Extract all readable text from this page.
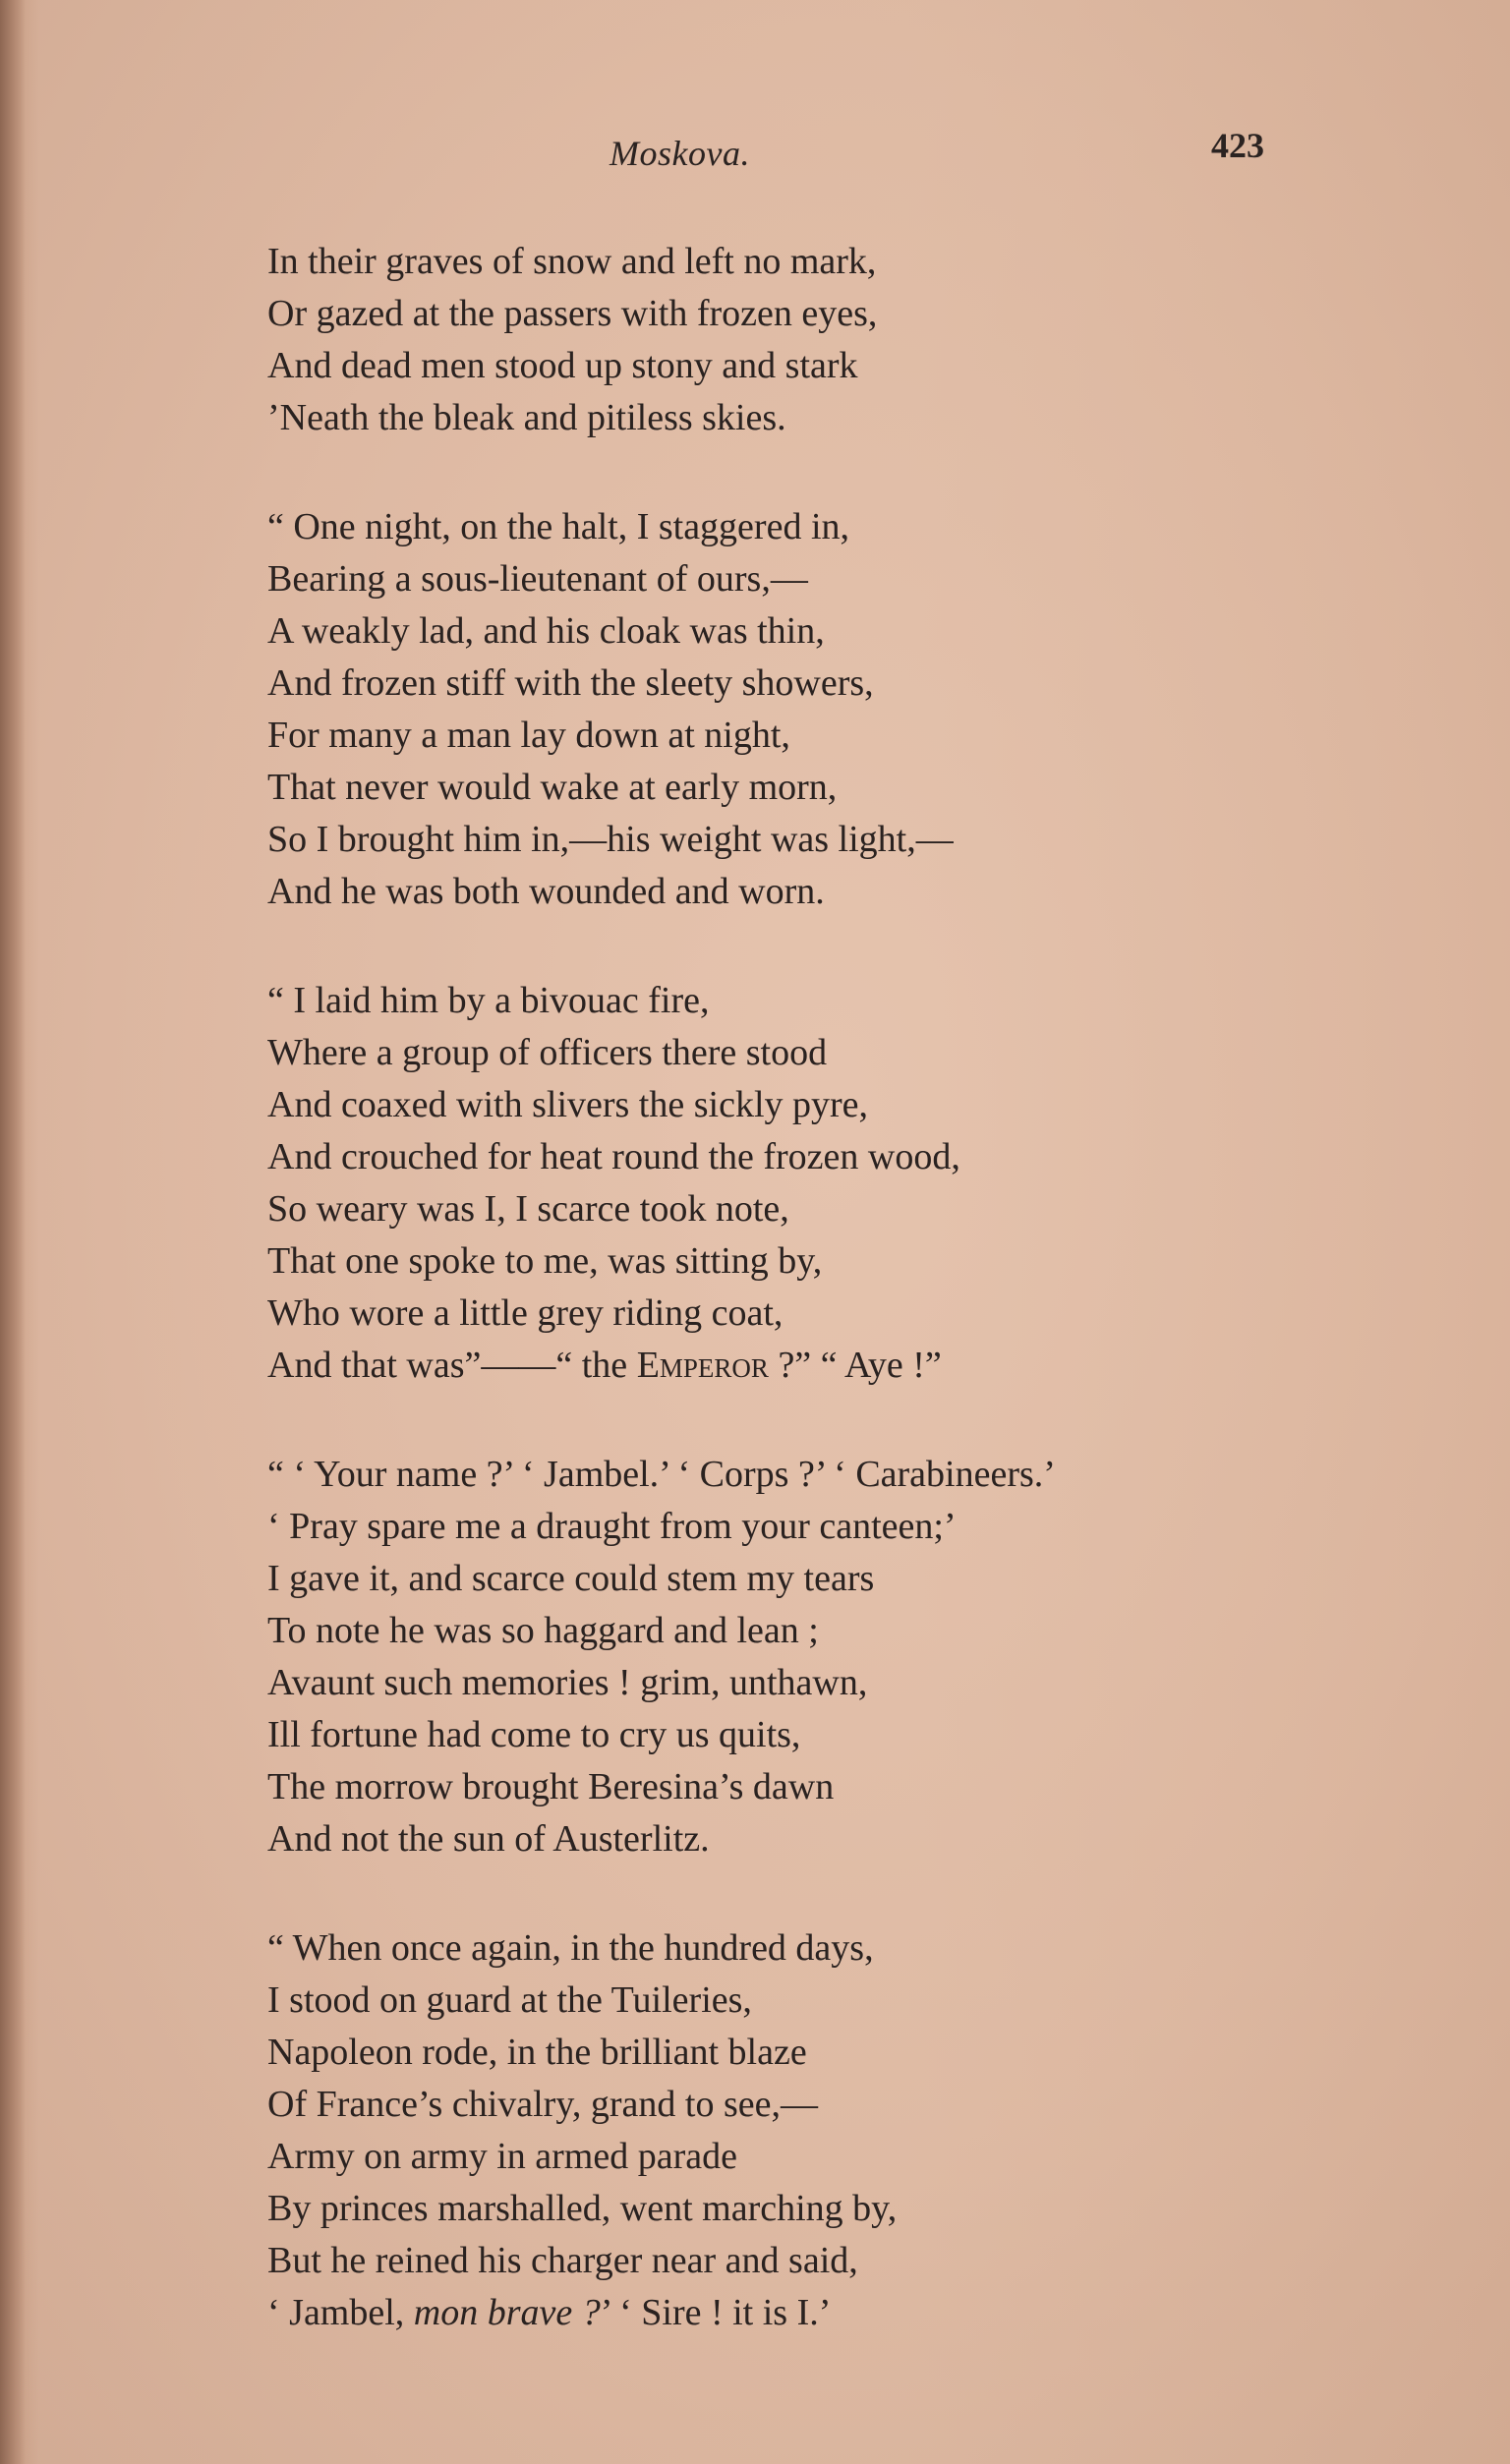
Moskova.	423
In their graves of snow and left no mark,
Or gazed at the passers with frozen eyes,
And dead men stood up stony and stark
’Neath the bleak and pitiless skies.
“ One night, on the halt, I staggered in,
Bearing a sous-lieutenant of ours,—
A weakly lad, and his cloak was thin,
And frozen stiff with the sleety showers,
For many a man lay down at night,
That never would wake at early morn,
So I brought him in,—his weight was light,—
And he was both wounded and worn.
“ I laid him by a bivouac fire,
Where a group of officers there stood
And coaxed with slivers the sickly pyre,
And crouched for heat round the frozen wood,
So weary was I, I scarce took note,
That one spoke to me, was sitting by,
Who wore a little grey riding coat,
And that was”——“ the Emperor ?” “ Aye !”
“ ‘ Your name ?’ ‘ Jambel.’ ‘ Corps ?’ ‘ Carabineers.’
‘ Pray spare me a draught from your canteen;’
I gave it, and scarce could stem my tears
To note he was so haggard and lean ;
Avaunt such memories ! grim, unthawn,
Ill fortune had come to cry us quits,
The morrow brought Beresina’s dawn
And not the sun of Austerlitz.
“ When once again, in the hundred days,
I stood on guard at the Tuileries,
Napoleon rode, in the brilliant blaze
Of France’s chivalry, grand to see,—
Army on army in armed parade
By princes marshalled, went marching by,
But he reined his charger near and said,
‘ Jambel, mon brave ?’ ‘ Sire ! it is I.’
